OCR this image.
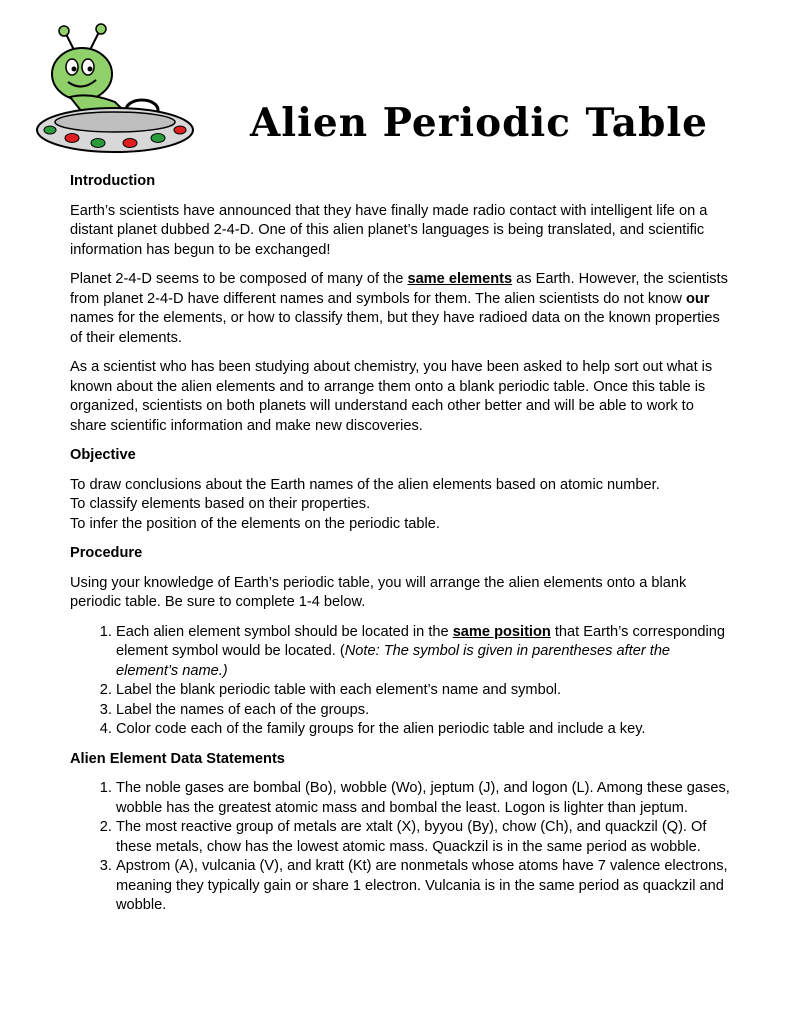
Alien Periodic Table
Introduction

Earth’s scientists have announced that they have finally made radio contact with intelligent life on a distant planet dubbed 2-4-D. One of this alien planet’s languages is being translated, and scientific information has begun to be exchanged!

Planet 2-4-D seems to be composed of many of the same elements as Earth. However, the scientists from planet 2-4-D have different names and symbols for them. The alien scientists do not know our names for the elements, or how to classify them, but they have radioed data on the known properties of their elements.

As a scientist who has been studying about chemistry, you have been asked to help sort out what is known about the alien elements and to arrange them onto a blank periodic table. Once this table is organized, scientists on both planets will understand each other better and will be able to work to share scientific information and make new discoveries.

Objective

To draw conclusions about the Earth names of the alien elements based on atomic number.
To classify elements based on their properties.
To infer the position of the elements on the periodic table.

Procedure

Using your knowledge of Earth’s periodic table, you will arrange the alien elements onto a blank periodic table. Be sure to complete 1-4 below.

1. Each alien element symbol should be located in the same position that Earth’s corresponding element symbol would be located. (Note: The symbol is given in parentheses after the element’s name.)
2. Label the blank periodic table with each element’s name and symbol.
3. Label the names of each of the groups.
4. Color code each of the family groups for the alien periodic table and include a key.
Alien Element Data Statements
1. The noble gases are bombal (Bo), wobble (Wo), jeptum (J), and logon (L). Among these gases, wobble has the greatest atomic mass and bombal the least. Logon is lighter than jeptum.
2. The most reactive group of metals are xtalt (X), byyou (By), chow (Ch), and quackzil (Q). Of these metals, chow has the lowest atomic mass. Quackzil is in the same period as wobble.
3. Apstrom (A), vulcania (V), and kratt (Kt) are nonmetals whose atoms have 7 valence electrons, meaning they typically gain or share 1 electron. Vulcania is in the same period as quackzil and wobble.
